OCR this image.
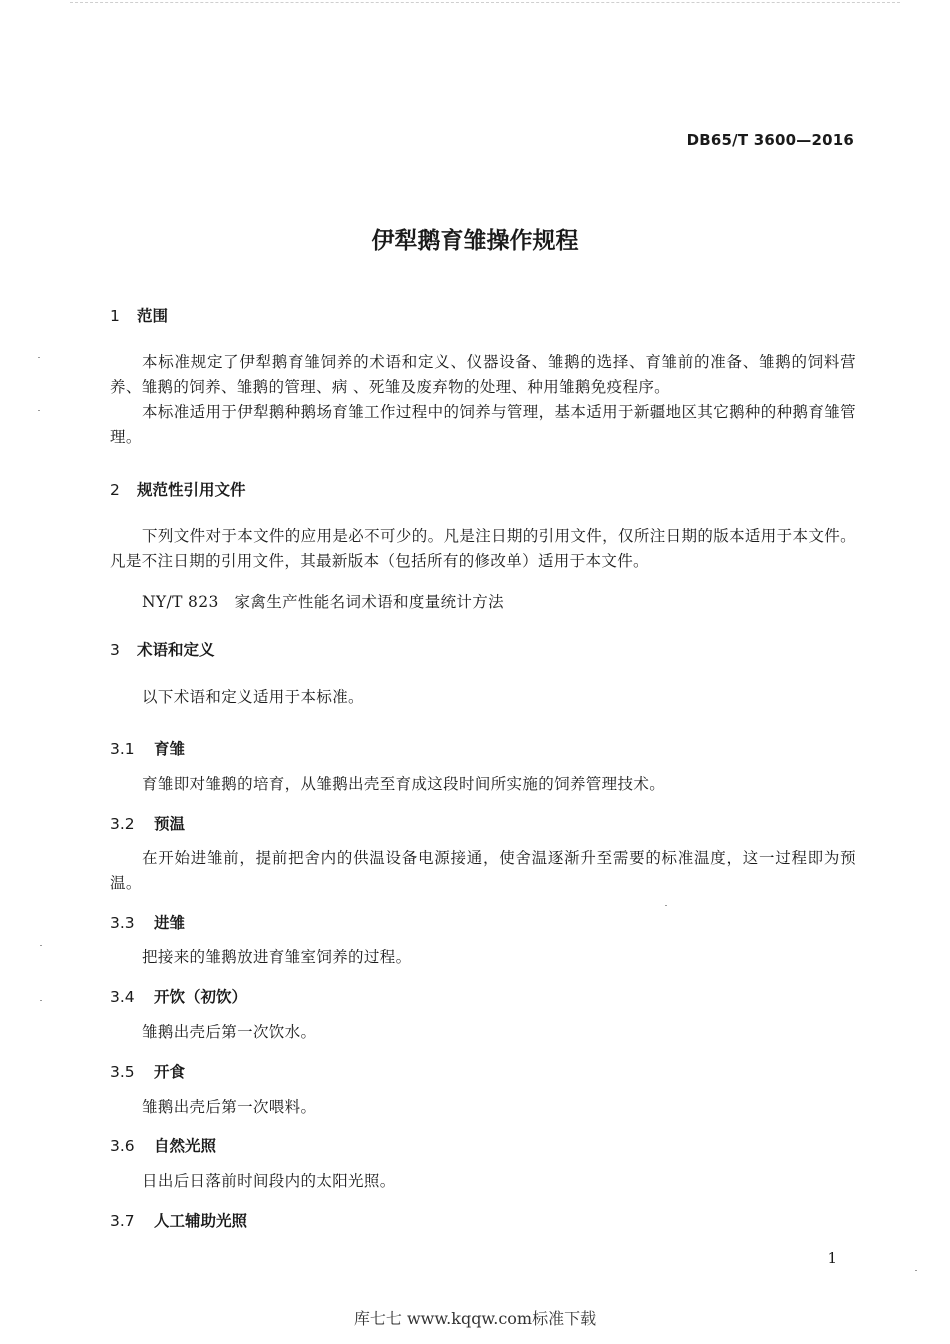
DB65/T 3600—2016
伊犁鹅育雏操作规程
1 范围
本标准规定了伊犁鹅育雏饲养的术语和定义、仪器设备、雏鹅的选择、育雏前的准备、雏鹅的饲料营养、雏鹅的饲养、雏鹅的管理、病 、死雏及废弃物的处理、种用雏鹅免疫程序。
本标准适用于伊犁鹅种鹅场育雏工作过程中的饲养与管理，基本适用于新疆地区其它鹅种的种鹅育雏管理。
2 规范性引用文件
下列文件对于本文件的应用是必不可少的。凡是注日期的引用文件，仅所注日期的版本适用于本文件。凡是不注日期的引用文件，其最新版本（包括所有的修改单）适用于本文件。
NY/T 823　家禽生产性能名词术语和度量统计方法
3 术语和定义
以下术语和定义适用于本标准。
3.1 育雏
育雏即对雏鹅的培育，从雏鹅出壳至育成这段时间所实施的饲养管理技术。
3.2 预温
在开始进雏前，提前把舍内的供温设备电源接通，使舍温逐渐升至需要的标准温度，这一过程即为预温。
3.3 进雏
把接来的雏鹅放进育雏室饲养的过程。
3.4 开饮（初饮）
雏鹅出壳后第一次饮水。
3.5 开食
雏鹅出壳后第一次喂料。
3.6 自然光照
日出后日落前时间段内的太阳光照。
3.7 人工辅助光照
1
库七七 www.kqqw.com标准下载
